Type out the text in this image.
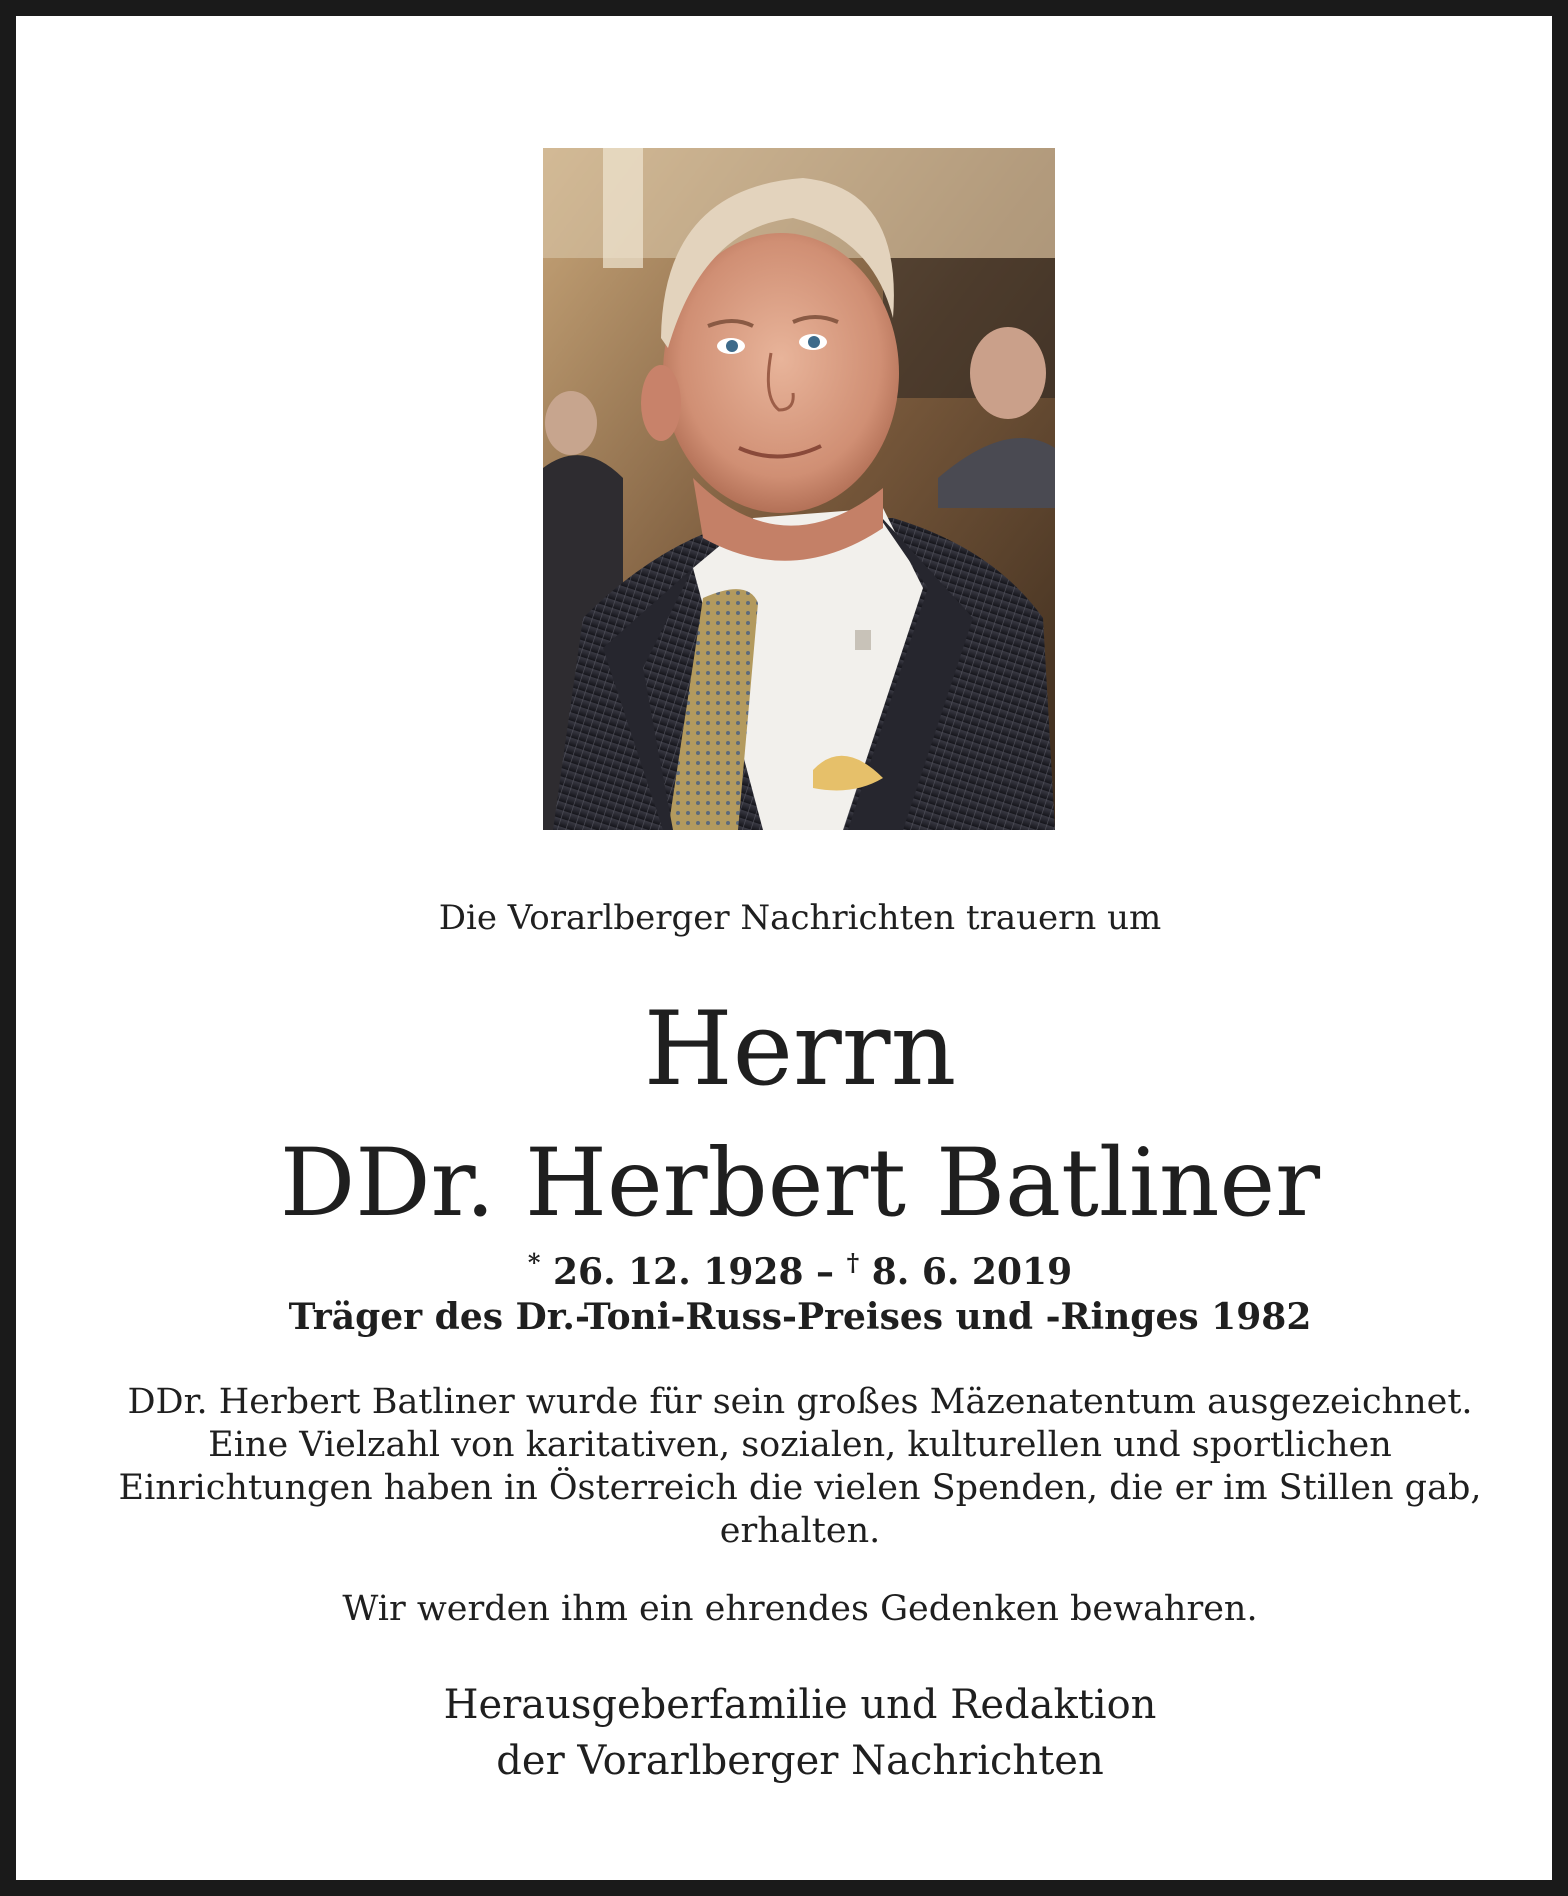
Die Vorarlberger Nachrichten trauern um

Herrn

DDr. Herbert Batliner

* 26. 12. 1928 – † 8. 6. 2019

Träger des Dr.-Toni-Russ-Preises und -Ringes 1982

DDr. Herbert Batliner wurde für sein großes Mäzenatentum ausgezeichnet.
Eine Vielzahl von karitativen, sozialen, kulturellen und sportlichen
Einrichtungen haben in Österreich die vielen Spenden, die er im Stillen gab,
erhalten.

Wir werden ihm ein ehrendes Gedenken bewahren.

Herausgeberfamilie und Redaktion
der Vorarlberger Nachrichten
